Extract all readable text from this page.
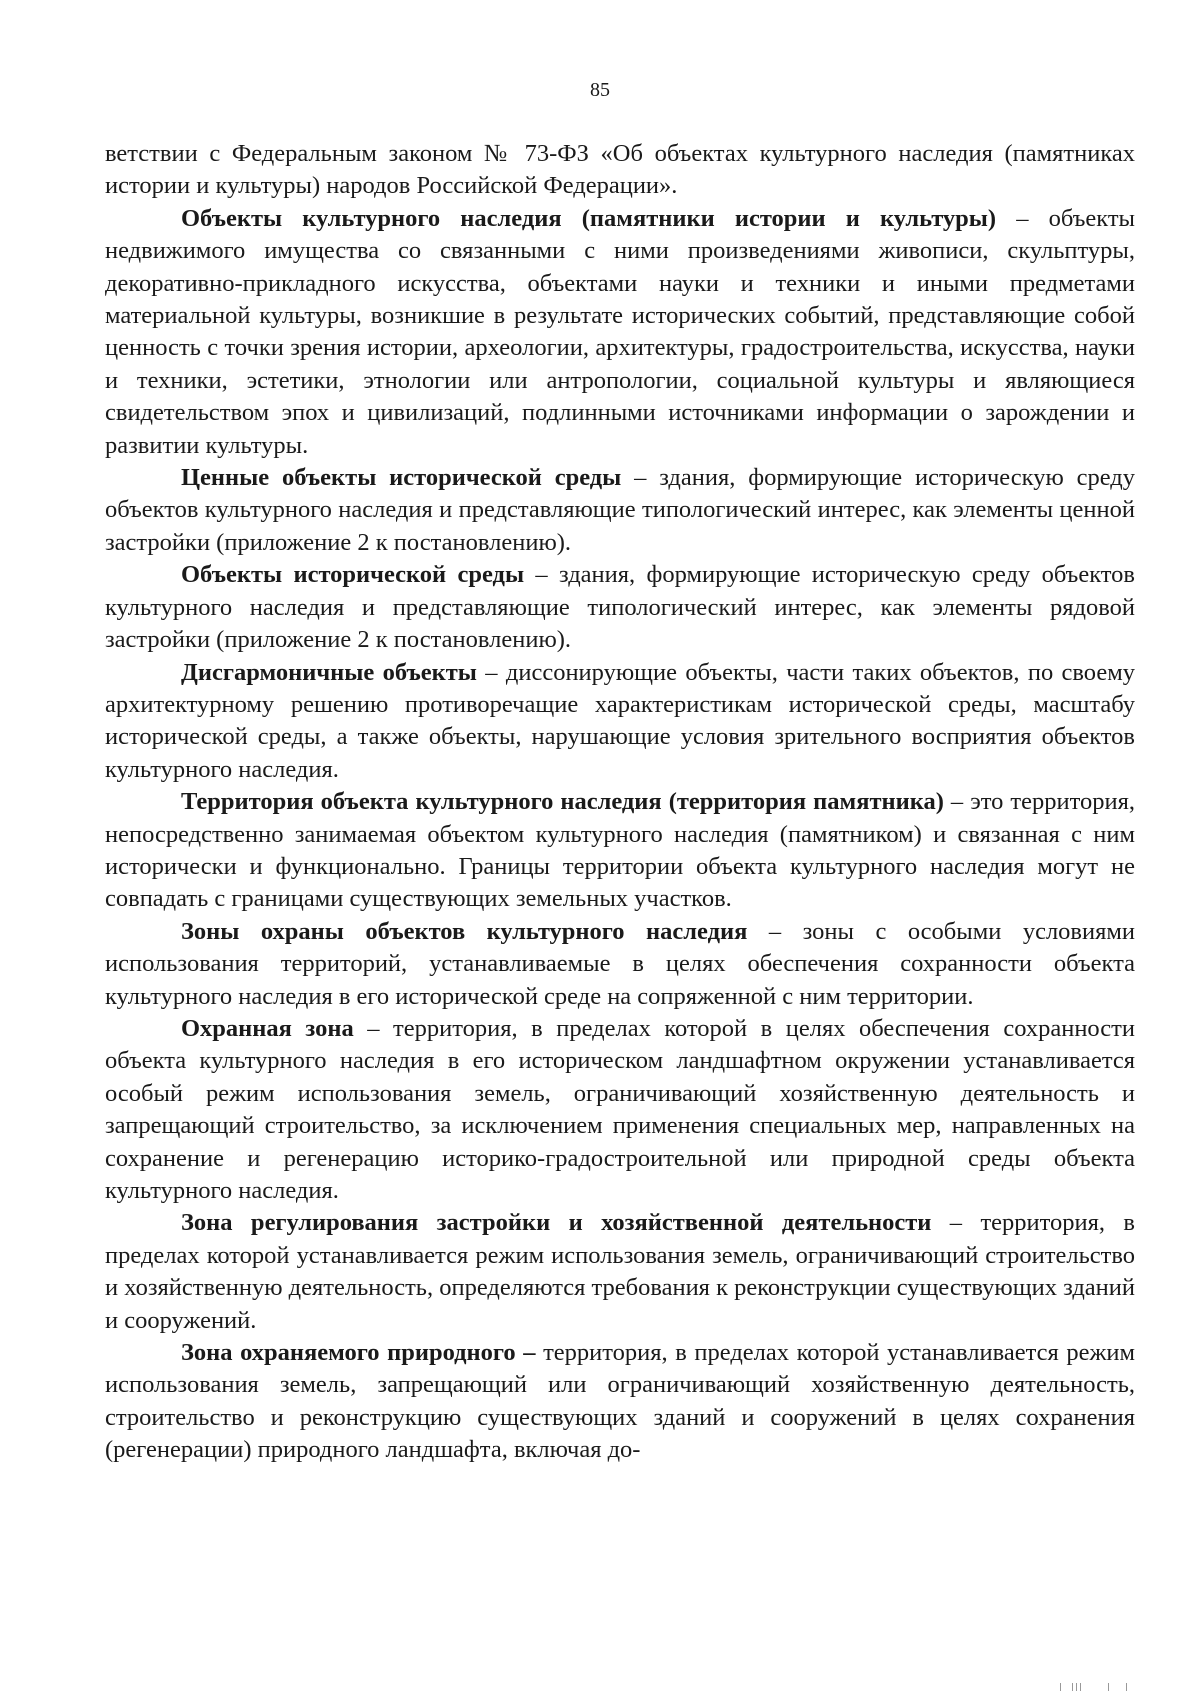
85

ветствии с Федеральным законом № 73-ФЗ «Об объектах культурного наследия (памятниках истории и культуры) народов Российской Федерации».

Объекты культурного наследия (памятники истории и культуры) – объекты недвижимого имущества со связанными с ними произведениями живописи, скульптуры, декоративно-прикладного искусства, объектами науки и техники и иными предметами материальной культуры, возникшие в результате исторических событий, представляющие собой ценность с точки зрения истории, археологии, архитектуры, градостроительства, искусства, науки и техники, эстетики, этнологии или антропологии, социальной культуры и являющиеся свидетельством эпох и цивилизаций, подлинными источниками информации о зарождении и развитии культуры.

Ценные объекты исторической среды – здания, формирующие историческую среду объектов культурного наследия и представляющие типологический интерес, как элементы ценной застройки (приложение 2 к постановлению).

Объекты исторической среды – здания, формирующие историческую среду объектов культурного наследия и представляющие типологический интерес, как элементы рядовой застройки (приложение 2 к постановлению).

Дисгармоничные объекты – диссонирующие объекты, части таких объектов, по своему архитектурному решению противоречащие характеристикам исторической среды, масштабу исторической среды, а также объекты, нарушающие условия зрительного восприятия объектов культурного наследия.

Территория объекта культурного наследия (территория памятника) – это территория, непосредственно занимаемая объектом культурного наследия (памятником) и связанная с ним исторически и функционально. Границы территории объекта культурного наследия могут не совпадать с границами существующих земельных участков.

Зоны охраны объектов культурного наследия – зоны с особыми условиями использования территорий, устанавливаемые в целях обеспечения сохранности объекта культурного наследия в его исторической среде на сопряженной с ним территории.

Охранная зона – территория, в пределах которой в целях обеспечения сохранности объекта культурного наследия в его историческом ландшафтном окружении устанавливается особый режим использования земель, ограничивающий хозяйственную деятельность и запрещающий строительство, за исключением применения специальных мер, направленных на сохранение и регенерацию историко-градостроительной или природной среды объекта культурного наследия.

Зона регулирования застройки и хозяйственной деятельности – территория, в пределах которой устанавливается режим использования земель, ограничивающий строительство и хозяйственную деятельность, определяются требования к реконструкции существующих зданий и сооружений.

Зона охраняемого природного – территория, в пределах которой устанавливается режим использования земель, запрещающий или ограничивающий хозяйственную деятельность, строительство и реконструкцию существующих зданий и сооружений в целях сохранения (регенерации) природного ландшафта, включая до-
